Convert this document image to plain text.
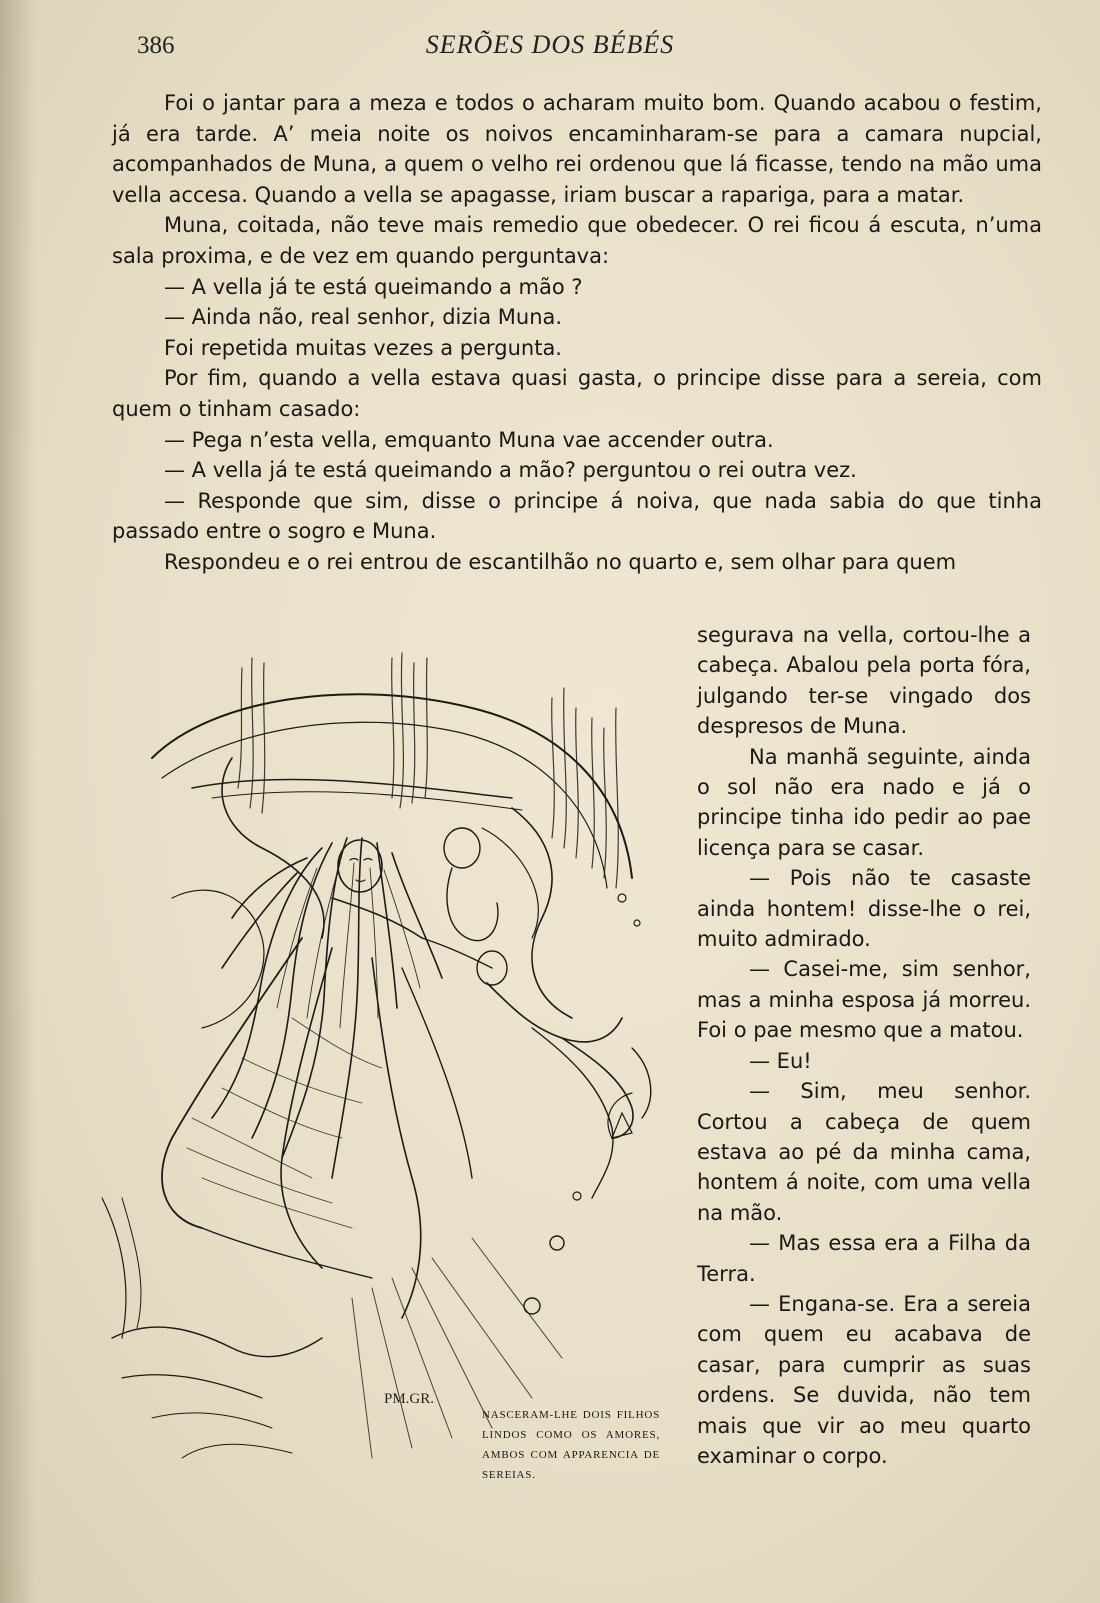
386	SERÕES DOS BÉBÉS

Foi o jantar para a meza e todos o acharam muito bom. Quando acabou o festim, já era tarde. A’ meia noite os noivos encaminharam-se para a camara nupcial, acompanhados de Muna, a quem o velho rei ordenou que lá ficasse, tendo na mão uma vella accesa. Quando a vella se apagasse, iriam buscar a rapariga, para a matar.

Muna, coitada, não teve mais remedio que obedecer. O rei ficou á escuta, n’uma sala proxima, e de vez em quando perguntava:

— A vella já te está queimando a mão ?

— Ainda não, real senhor, dizia Muna.

Foi repetida muitas vezes a pergunta.

Por fim, quando a vella estava quasi gasta, o principe disse para a sereia, com quem o tinham casado:

— Pega n’esta vella, emquanto Muna vae accender outra.

— A vella já te está queimando a mão? perguntou o rei outra vez.

— Responde que sim, disse o principe á noiva, que nada sabia do que tinha passado entre o sogro e Muna.

Respondeu e o rei entrou de escantilhão no quarto e, sem olhar para quem

PM.GR.
NASCERAM-LHE DOIS FILHOS LINDOS COMO OS AMORES, AMBOS COM APPARENCIA DE SEREIAS.

segurava na vella, cortou-lhe a cabeça. Abalou pela porta fóra, julgando ter-se vingado dos despresos de Muna.

Na manhã seguinte, ainda o sol não era nado e já o principe tinha ido pedir ao pae licença para se casar.

— Pois não te casaste ainda hontem! disse-lhe o rei, muito admirado.

— Casei-me, sim senhor, mas a minha esposa já morreu. Foi o pae mesmo que a matou.

— Eu!

— Sim, meu senhor. Cortou a cabeça de quem estava ao pé da minha cama, hontem á noite, com uma vella na mão.

— Mas essa era a Filha da Terra.

— Engana-se. Era a sereia com quem eu acabava de casar, para cumprir as suas ordens. Se duvida, não tem mais que vir ao meu quarto examinar o corpo.
